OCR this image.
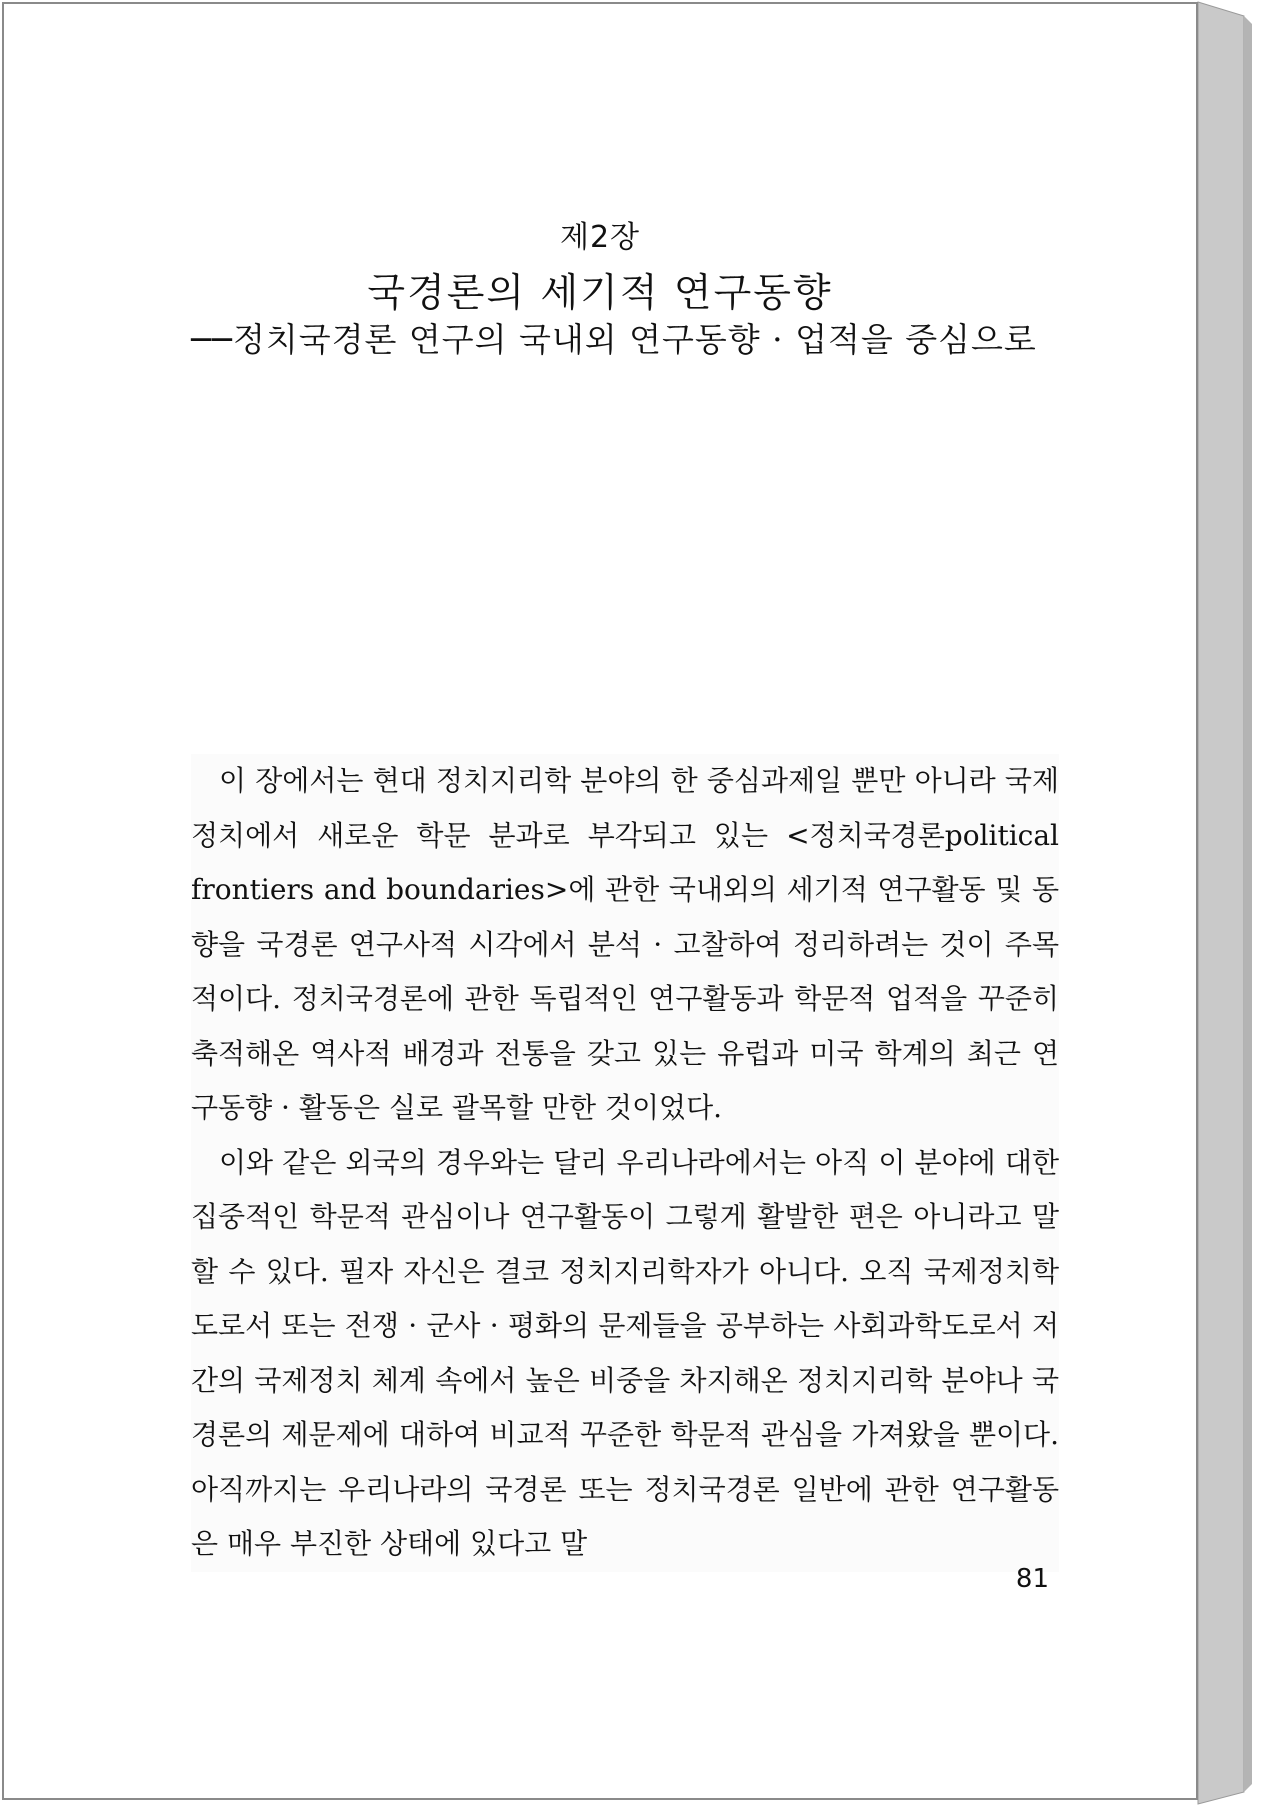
제2장
국경론의 세기적 연구동향
──정치국경론 연구의 국내외 연구동향 · 업적을 중심으로

이 장에서는 현대 정치지리학 분야의 한 중심과제일 뿐만 아니라 국제정치에서 새로운 학문 분과로 부각되고 있는 <정치국경론political frontiers and boundaries>에 관한 국내외의 세기적 연구활동 및 동향을 국경론 연구사적 시각에서 분석 · 고찰하여 정리하려는 것이 주목적이다. 정치국경론에 관한 독립적인 연구활동과 학문적 업적을 꾸준히 축적해온 역사적 배경과 전통을 갖고 있는 유럽과 미국 학계의 최근 연구동향 · 활동은 실로 괄목할 만한 것이었다.

이와 같은 외국의 경우와는 달리 우리나라에서는 아직 이 분야에 대한 집중적인 학문적 관심이나 연구활동이 그렇게 활발한 편은 아니라고 말할 수 있다. 필자 자신은 결코 정치지리학자가 아니다. 오직 국제정치학도로서 또는 전쟁 · 군사 · 평화의 문제들을 공부하는 사회과학도로서 저간의 국제정치 체계 속에서 높은 비중을 차지해온 정치지리학 분야나 국경론의 제문제에 대하여 비교적 꾸준한 학문적 관심을 가져왔을 뿐이다. 아직까지는 우리나라의 국경론 또는 정치국경론 일반에 관한 연구활동은 매우 부진한 상태에 있다고 말

81
